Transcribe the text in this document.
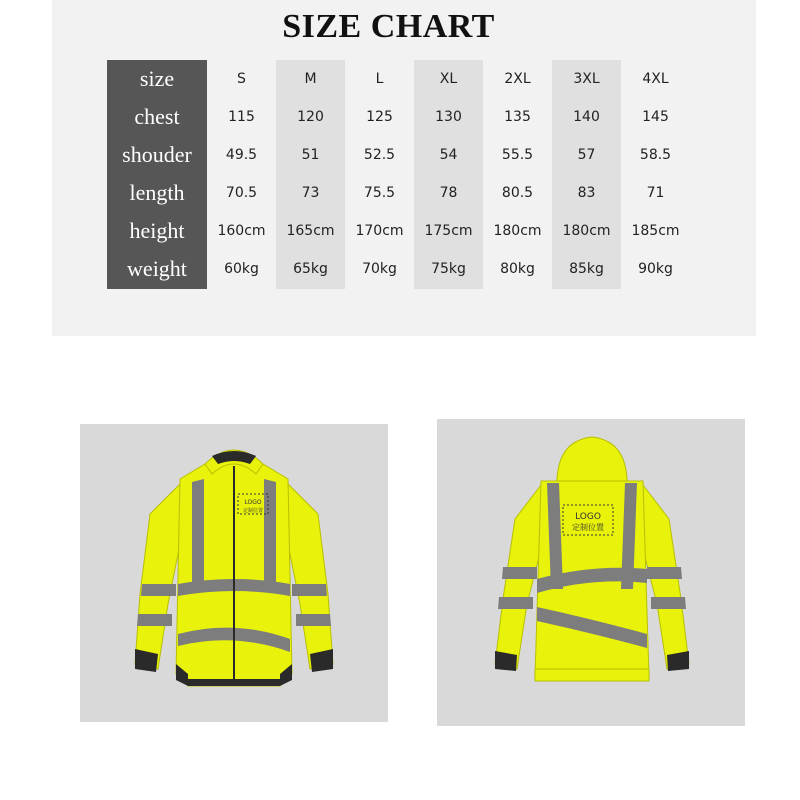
SIZE CHART
size
chest
shouder
length
height
weight
S
115
49.5
70.5
160cm
60kg
M
120
51
73
165cm
65kg
L
125
52.5
75.5
170cm
70kg
XL
130
54
78
175cm
75kg
2XL
135
55.5
80.5
180cm
80kg
3XL
140
57
83
180cm
85kg
4XL
145
58.5
71
185cm
90kg
LOGO
定制位置
LOGO
定制位置
